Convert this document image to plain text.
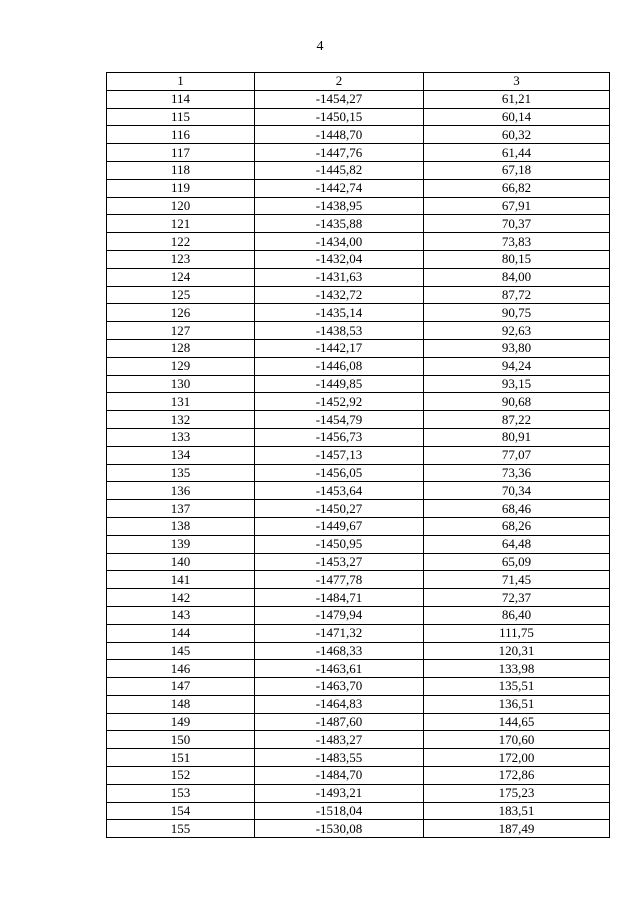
4
1	2	3
114	-1454,27	61,21
115	-1450,15	60,14
116	-1448,70	60,32
117	-1447,76	61,44
118	-1445,82	67,18
119	-1442,74	66,82
120	-1438,95	67,91
121	-1435,88	70,37
122	-1434,00	73,83
123	-1432,04	80,15
124	-1431,63	84,00
125	-1432,72	87,72
126	-1435,14	90,75
127	-1438,53	92,63
128	-1442,17	93,80
129	-1446,08	94,24
130	-1449,85	93,15
131	-1452,92	90,68
132	-1454,79	87,22
133	-1456,73	80,91
134	-1457,13	77,07
135	-1456,05	73,36
136	-1453,64	70,34
137	-1450,27	68,46
138	-1449,67	68,26
139	-1450,95	64,48
140	-1453,27	65,09
141	-1477,78	71,45
142	-1484,71	72,37
143	-1479,94	86,40
144	-1471,32	111,75
145	-1468,33	120,31
146	-1463,61	133,98
147	-1463,70	135,51
148	-1464,83	136,51
149	-1487,60	144,65
150	-1483,27	170,60
151	-1483,55	172,00
152	-1484,70	172,86
153	-1493,21	175,23
154	-1518,04	183,51
155	-1530,08	187,49
